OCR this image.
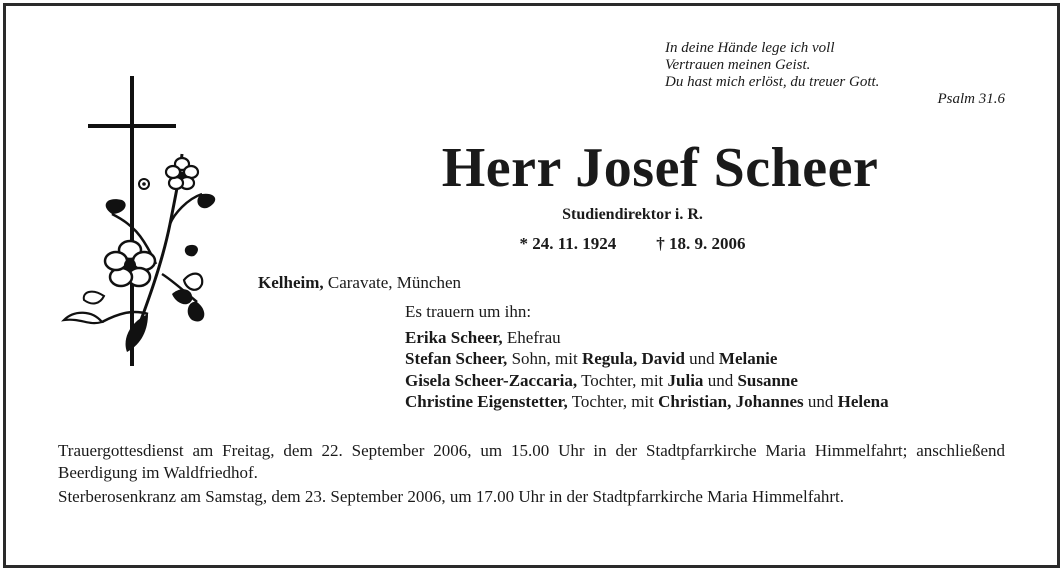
In deine Hände lege ich voll
Vertrauen meinen Geist.
Du hast mich erlöst, du treuer Gott.
Psalm 31.6
Herr Josef Scheer
Studiendirektor i. R.
* 24. 11. 1924 † 18. 9. 2006
Kelheim, Caravate, München
Es trauern um ihn:
Erika Scheer, Ehefrau
Stefan Scheer, Sohn, mit Regula, David und Melanie
Gisela Scheer-Zaccaria, Tochter, mit Julia und Susanne
Christine Eigenstetter, Tochter, mit Christian, Johannes und Helena

Trauergottesdienst am Freitag, dem 22. September 2006, um 15.00 Uhr in der Stadtpfarrkirche Maria Himmelfahrt; anschließend Beerdigung im Waldfriedhof.

Sterberosenkranz am Samstag, dem 23. September 2006, um 17.00 Uhr in der Stadtpfarrkirche Maria Himmelfahrt.
